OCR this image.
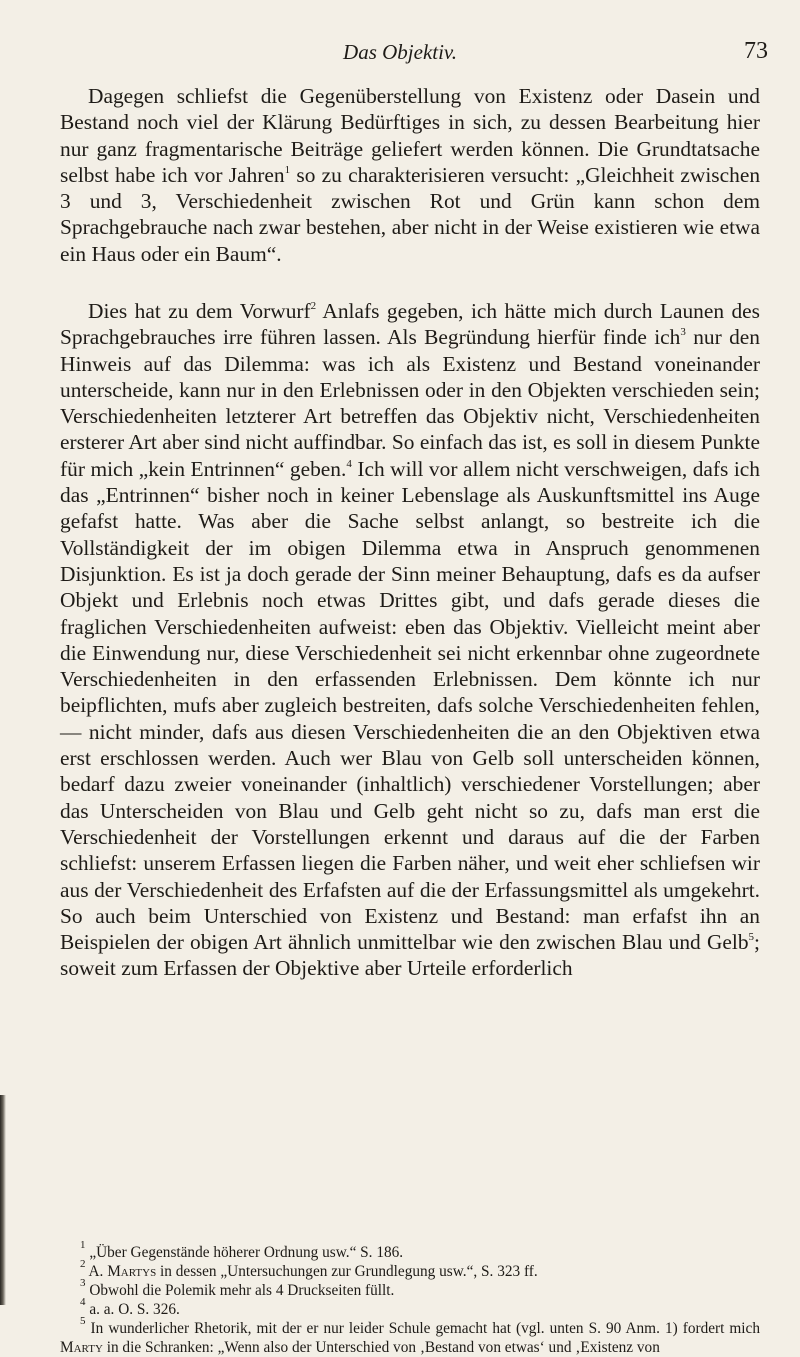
Das Objektiv.	73
Dagegen schliefst die Gegenüberstellung von Existenz oder Dasein und Bestand noch viel der Klärung Bedürftiges in sich, zu dessen Bearbeitung hier nur ganz fragmentarische Beiträge geliefert werden können. Die Grundtatsache selbst habe ich vor Jahren$^1$ so zu charakterisieren versucht: „Gleichheit zwischen 3 und 3, Verschiedenheit zwischen Rot und Grün kann schon dem Sprachgebrauche nach zwar bestehen, aber nicht in der Weise existieren wie etwa ein Haus oder ein Baum“.
Dies hat zu dem Vorwurf$^2$ Anlafs gegeben, ich hätte mich durch Launen des Sprachgebrauches irre führen lassen. Als Begründung hierfür finde ich$^3$ nur den Hinweis auf das Dilemma: was ich als Existenz und Bestand voneinander unterscheide, kann nur in den Erlebnissen oder in den Objekten verschieden sein; Verschiedenheiten letzterer Art betreffen das Objektiv nicht, Verschiedenheiten ersterer Art aber sind nicht auffindbar. So einfach das ist, es soll in diesem Punkte für mich „kein Entrinnen“ geben.$^4$ Ich will vor allem nicht verschweigen, dafs ich das „Entrinnen“ bisher noch in keiner Lebenslage als Auskunftsmittel ins Auge gefafst hatte. Was aber die Sache selbst anlangt, so bestreite ich die Vollständigkeit der im obigen Dilemma etwa in Anspruch genommenen Disjunktion. Es ist ja doch gerade der Sinn meiner Behauptung, dafs es da aufser Objekt und Erlebnis noch etwas Drittes gibt, und dafs gerade dieses die fraglichen Verschiedenheiten aufweist: eben das Objektiv. Vielleicht meint aber die Einwendung nur, diese Verschiedenheit sei nicht erkennbar ohne zugeordnete Verschiedenheiten in den erfassenden Erlebnissen. Dem könnte ich nur beipflichten, mufs aber zugleich bestreiten, dafs solche Verschiedenheiten fehlen, — nicht minder, dafs aus diesen Verschiedenheiten die an den Objektiven etwa erst erschlossen werden. Auch wer Blau von Gelb soll unterscheiden können, bedarf dazu zweier voneinander (inhaltlich) verschiedener Vorstellungen; aber das Unterscheiden von Blau und Gelb geht nicht so zu, dafs man erst die Verschiedenheit der Vorstellungen erkennt und daraus auf die der Farben schliefst: unserem Erfassen liegen die Farben näher, und weit eher schliefsen wir aus der Verschiedenheit des Erfafsten auf die der Erfassungsmittel als umgekehrt. So auch beim Unterschied von Existenz und Bestand: man erfafst ihn an Beispielen der obigen Art ähnlich unmittelbar wie den zwischen Blau und Gelb$^5$; soweit zum Erfassen der Objektive aber Urteile erforderlich

$^1$ „Über Gegenstände höherer Ordnung usw.“ S. 186.

$^2$ A. Martys in dessen „Untersuchungen zur Grundlegung usw.“, S. 323 ff.

$^3$ Obwohl die Polemik mehr als 4 Druckseiten füllt.

$^4$ a. a. O. S. 326.

$^5$ In wunderlicher Rhetorik, mit der er nur leider Schule gemacht hat (vgl. unten S. 90 Anm. 1) fordert mich Marty in die Schranken: „Wenn also der Unterschied von ‚Bestand von etwas‘ und ‚Existenz von
